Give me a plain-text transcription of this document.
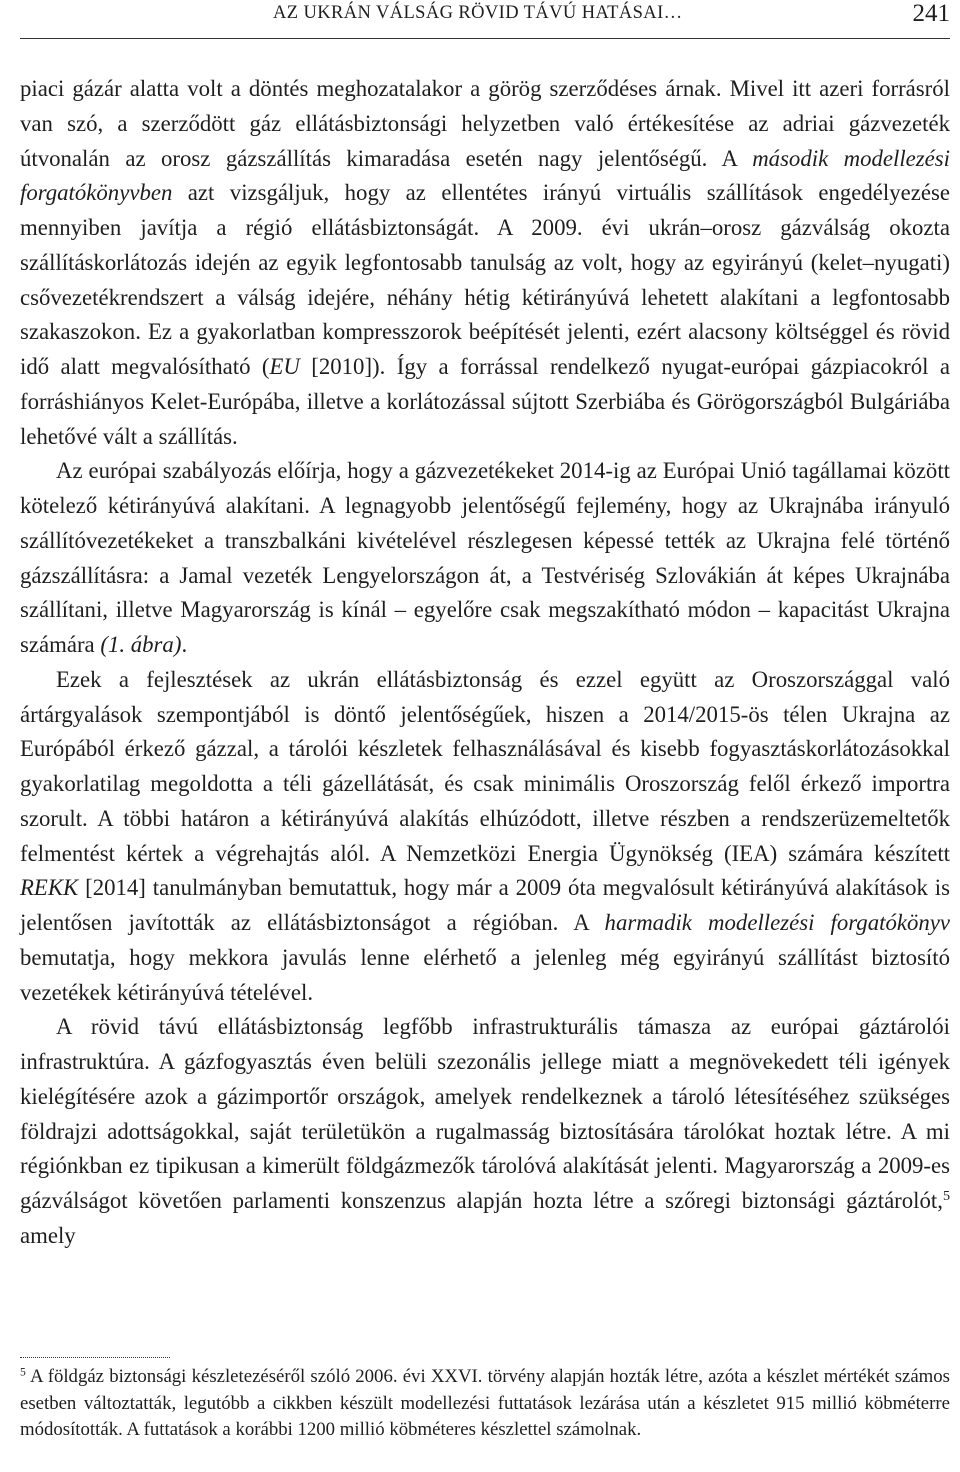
AZ UKRÁN VÁLSÁG RÖVID TÁVÚ HATÁSAI…	241

piaci gázár alatta volt a döntés meghozatalakor a görög szerződéses árnak. Mivel itt azeri forrásról van szó, a szerződött gáz ellátásbiztonsági helyzetben való értékesítése az adriai gázvezeték útvonalán az orosz gázszállítás kimaradása esetén nagy jelentőségű. A második modellezési forgatókönyvben azt vizsgáljuk, hogy az ellentétes irányú virtuális szállítások engedélyezése mennyiben javítja a régió ellátásbiztonságát. A 2009. évi ukrán–orosz gázválság okozta szállításkorlátozás idején az egyik legfontosabb tanulság az volt, hogy az egyirányú (kelet–nyugati) csővezetékrendszert a válság idejére, néhány hétig kétirányúvá lehetett alakítani a legfontosabb szakaszokon. Ez a gyakorlatban kompresszorok beépítését jelenti, ezért alacsony költséggel és rövid idő alatt megvalósítható (EU [2010]). Így a forrással rendelkező nyugat-európai gázpiacokról a forráshiányos Kelet-Európába, illetve a korlátozással sújtott Szerbiába és Görögországból Bulgáriába lehetővé vált a szállítás.

Az európai szabályozás előírja, hogy a gázvezetékeket 2014-ig az Európai Unió tagállamai között kötelező kétirányúvá alakítani. A legnagyobb jelentőségű fejlemény, hogy az Ukrajnába irányuló szállítóvezetékeket a transzbalkáni kivételével részlegesen képessé tették az Ukrajna felé történő gázszállításra: a Jamal vezeték Lengyelországon át, a Testvériség Szlovákián át képes Ukrajnába szállítani, illetve Magyarország is kínál – egyelőre csak megszakítható módon – kapacitást Ukrajna számára (1. ábra).

Ezek a fejlesztések az ukrán ellátásbiztonság és ezzel együtt az Oroszországgal való ártárgyalások szempontjából is döntő jelentőségűek, hiszen a 2014/2015-ös télen Ukrajna az Európából érkező gázzal, a tárolói készletek felhasználásával és kisebb fogyasztáskorlátozásokkal gyakorlatilag megoldotta a téli gázellátását, és csak minimális Oroszország felől érkező importra szorult. A többi határon a kétirányúvá alakítás elhúzódott, illetve részben a rendszerüzemeltetők felmentést kértek a végrehajtás alól. A Nemzetközi Energia Ügynökség (IEA) számára készített REKK [2014] tanulmányban bemutattuk, hogy már a 2009 óta megvalósult kétirányúvá alakítások is jelentősen javították az ellátásbiztonságot a régióban. A harmadik modellezési forgatókönyv bemutatja, hogy mekkora javulás lenne elérhető a jelenleg még egyirányú szállítást biztosító vezetékek kétirányúvá tételével.

A rövid távú ellátásbiztonság legfőbb infrastrukturális támasza az európai gáztárolói infrastruktúra. A gázfogyasztás éven belüli szezonális jellege miatt a megnövekedett téli igények kielégítésére azok a gázimportőr országok, amelyek rendelkeznek a tároló létesítéséhez szükséges földrajzi adottságokkal, saját területükön a rugalmasság biztosítására tárolókat hoztak létre. A mi régiónkban ez tipikusan a kimerült földgázmezők tárolóvá alakítását jelenti. Magyarország a 2009-es gázválságot követően parlamenti konszenzus alapján hozta létre a szőregi biztonsági gáztárolót,$^5$ amely

$^5$ A földgáz biztonsági készletezéséről szóló 2006. évi XXVI. törvény alapján hozták létre, azóta a készlet mértékét számos esetben változtatták, legutóbb a cikkben készült modellezési futtatások lezárása után a készletet 915 millió köbméterre módosították. A futtatások a korábbi 1200 millió köbméteres készlettel számolnak.
